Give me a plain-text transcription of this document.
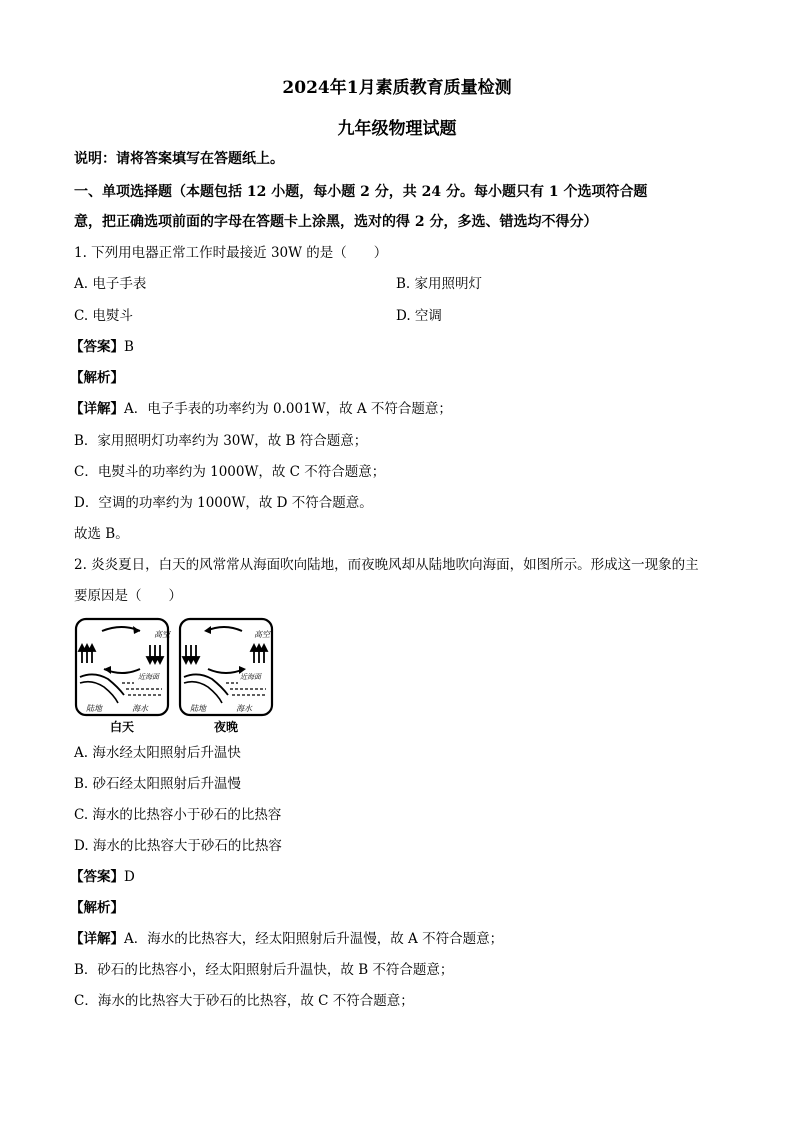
2024年1月素质教育质量检测
九年级物理试题
说明：请将答案填写在答题纸上。
一、单项选择题（本题包括 12 小题，每小题 2 分，共 24 分。每小题只有 1 个选项符合题
意，把正确选项前面的字母在答题卡上涂黑，选对的得 2 分，多选、错选均不得分）
1. 下列用电器正常工作时最接近 30W 的是（　　）
A. 电子手表	B. 家用照明灯
C. 电熨斗	D. 空调
【答案】B
【解析】
【详解】A．电子手表的功率约为 0.001W，故 A 不符合题意；
B．家用照明灯功率约为 30W，故 B 符合题意；
C．电熨斗的功率约为 1000W，故 C 不符合题意；
D．空调的功率约为 1000W，故 D 不符合题意。
故选 B。
2. 炎炎夏日，白天的风常常从海面吹向陆地，而夜晚风却从陆地吹向海面，如图所示。形成这一现象的主
要原因是（　　）
高空
近海面
陆地	海水
高空
近海面
陆地	海水
白天	夜晚
A. 海水经太阳照射后升温快
B. 砂石经太阳照射后升温慢
C. 海水的比热容小于砂石的比热容
D. 海水的比热容大于砂石的比热容
【答案】D
【解析】
【详解】A．海水的比热容大，经太阳照射后升温慢，故 A 不符合题意；
B．砂石的比热容小，经太阳照射后升温快，故 B 不符合题意；
C．海水的比热容大于砂石的比热容，故 C 不符合题意；
